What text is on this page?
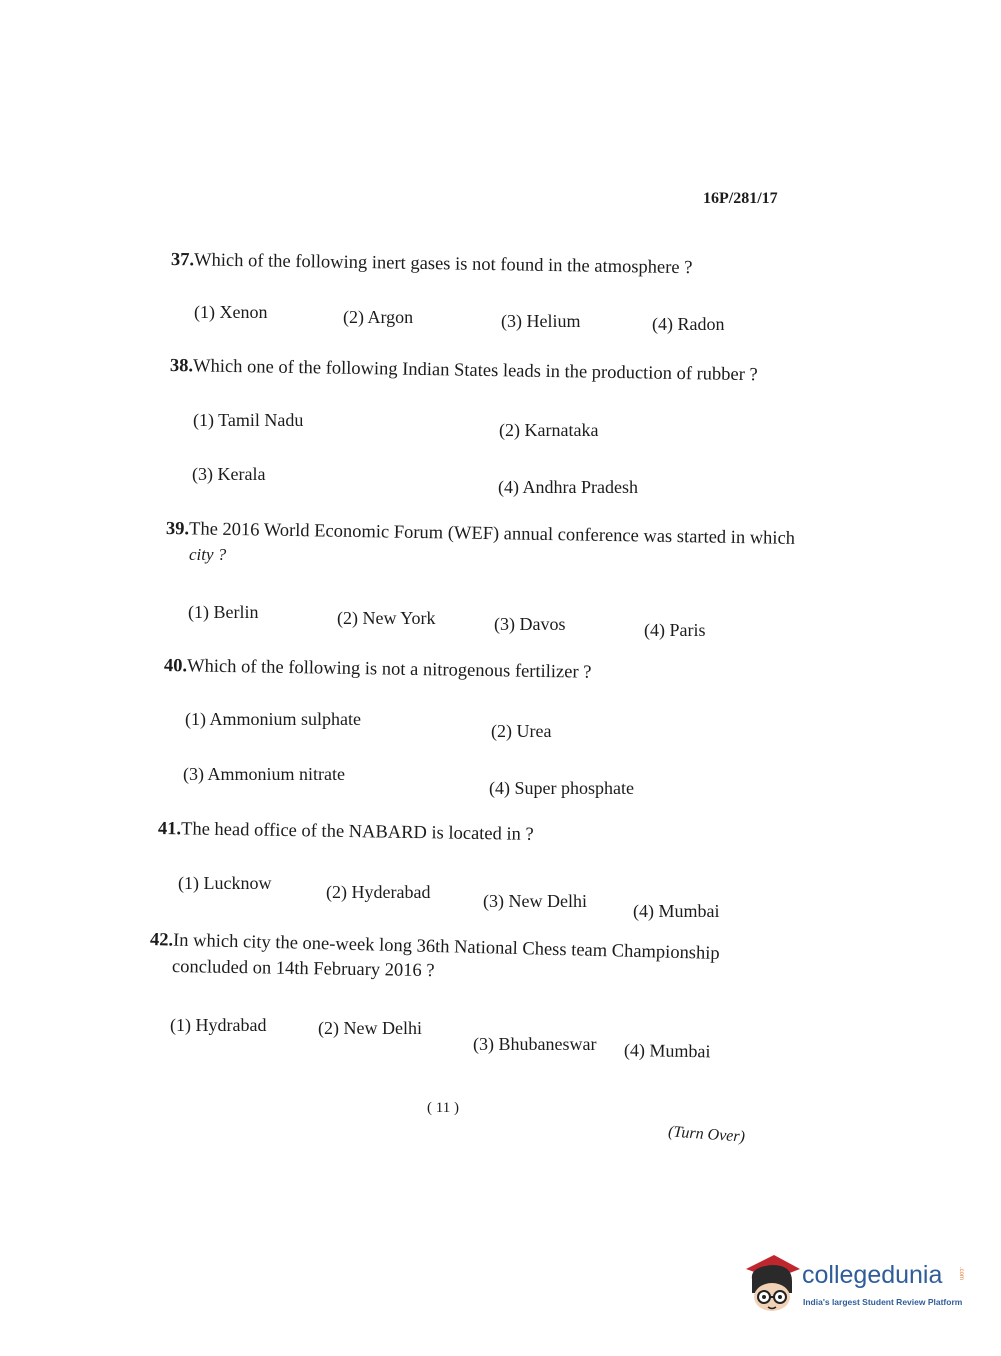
16P/281/17
37.Which of the following inert gases is not found in the atmosphere ?
(1) Xenon	(2) Argon	(3) Helium	(4) Radon
38.Which one of the following Indian States leads in the production of rubber ?
(1) Tamil Nadu	(2) Karnataka
(3) Kerala
(4) Andhra Pradesh
39.The 2016 World Economic Forum (WEF) annual conference was started in which
city ?
(1) Berlin	(2) New York	(3) Davos	(4) Paris
40.Which of the following is not a nitrogenous fertilizer ?
(1) Ammonium sulphate
(2) Urea
(3) Ammonium nitrate
(4) Super phosphate
41.The head office of the NABARD is located in ?
(1) Lucknow	(2) Hyderabad	(3) New Delhi	(4) Mumbai
42.In which city the one-week long 36th National Chess team Championship
concluded on 14th February 2016 ?
(1) Hydrabad	(2) New Delhi
(3) Bhubaneswar (4) Mumbai
( 11 )
(Turn Over)
collegedunia	.com
India's largest Student Review Platform
